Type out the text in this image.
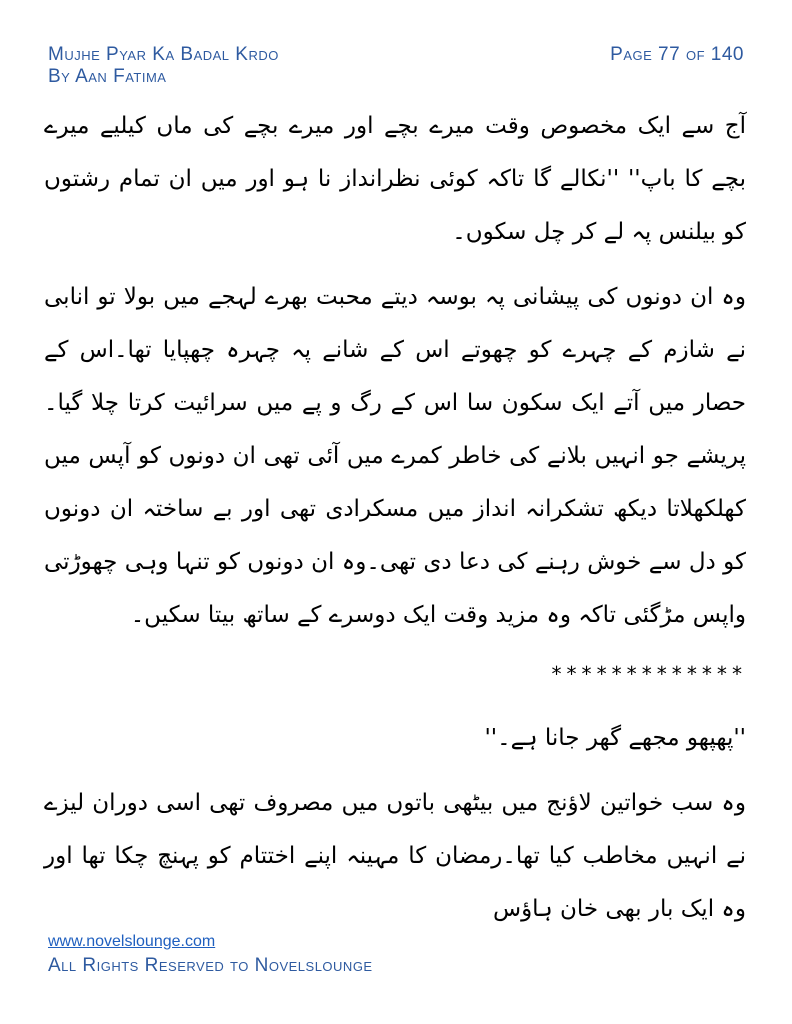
Mujhe Pyar Ka Badal Krdo
By Aan Fatima
Page 77 of 140

آج سے ایک مخصوص وقت میرے بچے اور میرے بچے کی ماں کیلیے میرے بچے کا باپ'' ''نکالے گا تاکہ کوئی نظرانداز نا ہو اور میں ان تمام رشتوں کو بیلنس پہ لے کر چل سکوں۔

وہ ان دونوں کی پیشانی پہ بوسہ دیتے محبت بھرے لہجے میں بولا تو انابی نے شازم کے چہرے کو چھوتے اس کے شانے پہ چہرہ چھپایا تھا۔اس کے حصار میں آتے ایک سکون سا اس کے رگ و پے میں سرائیت کرتا چلا گیا۔پریشے جو انہیں بلانے کی خاطر کمرے میں آئی تھی ان دونوں کو آپس میں کھلکھلاتا دیکھ تشکرانہ انداز میں مسکرادی تھی اور بے ساختہ ان دونوں کو دل سے خوش رہنے کی دعا دی تھی۔وہ ان دونوں کو تنہا وہی چھوڑتی واپس مڑگئی تاکہ وہ مزید وقت ایک دوسرے کے ساتھ بیتا سکیں۔

*************

''پھپھو مجھے گھر جانا ہے۔''

وہ سب خواتین لاؤنج میں بیٹھی باتوں میں مصروف تھی اسی دوران لیزے نے انہیں مخاطب کیا تھا۔رمضان کا مہینہ اپنے اختتام کو پہنچ چکا تھا اور وہ ایک بار بھی خان ہاؤس

www.novelslounge.com
All Rights Reserved to Novelslounge
